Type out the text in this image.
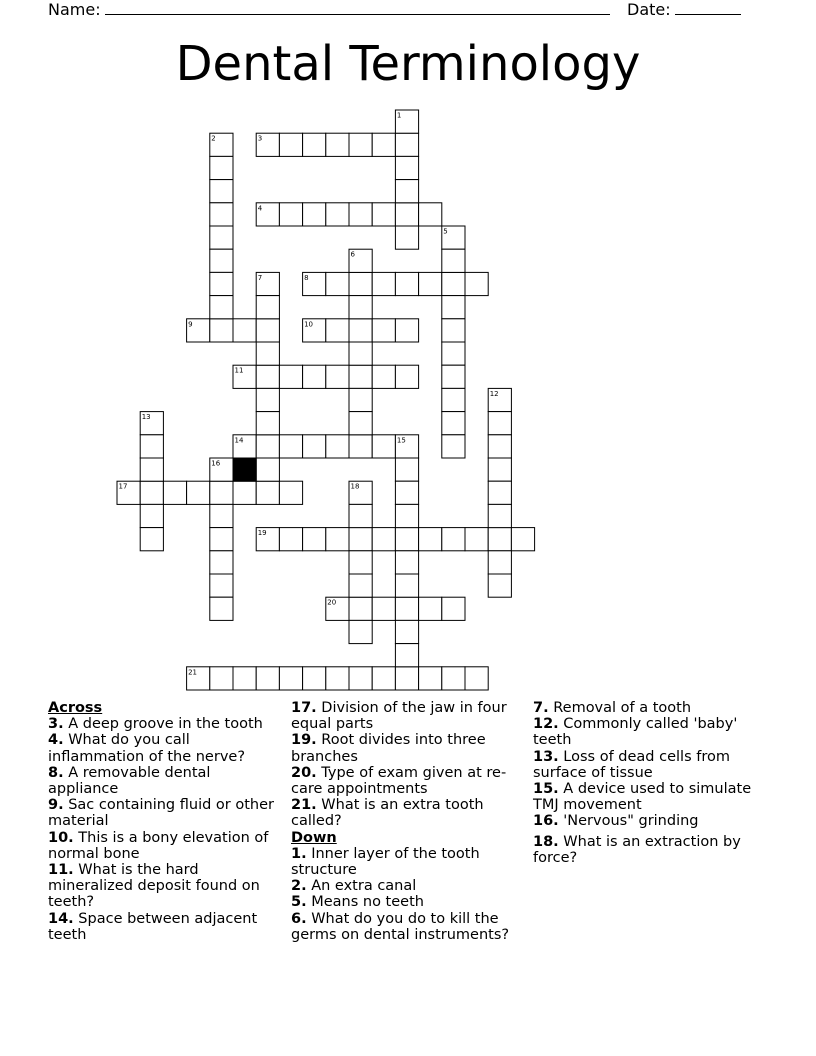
Name:	Date:
Dental Terminology
3
4
8
9	10
11
14
17
19
20
21
1
2
5
6
7
12
13
15
16
18
Across
3. A deep groove in the tooth
4. What do you call inflammation of the nerve?
8. A removable dental appliance
9. Sac containing fluid or other material
10. This is a bony elevation of normal bone
11. What is the hard mineralized deposit found on teeth?
14. Space between adjacent teeth
17. Division of the jaw in four equal parts
19. Root divides into three branches
20. Type of exam given at re-care appointments
21. What is an extra tooth called?
Down
1. Inner layer of the tooth structure
2. An extra canal
5. Means no teeth
6. What do you do to kill the germs on dental instruments?
7. Removal of a tooth
12. Commonly called 'baby' teeth
13. Loss of dead cells from surface of tissue
15. A device used to simulate TMJ movement
16. 'Nervous" grinding
18. What is an extraction by force?
